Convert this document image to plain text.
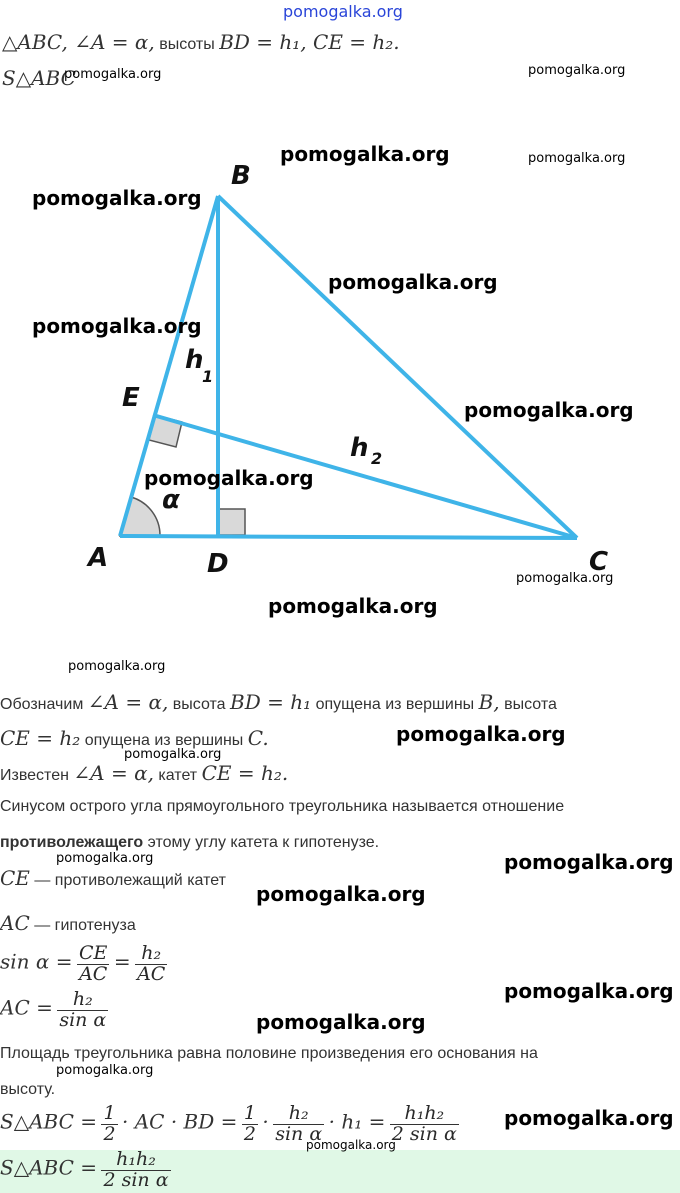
pomogalka.org
△ABC, ∠A = α, высоты BD = h₁, CE = h₂.
S△ABC
B
A	C
D
E
h
1
h 2
α
Обозначим ∠A = α, высота BD = h₁ опущена из вершины B, высота
CE = h₂ опущена из вершины C.
Известен ∠A = α, катет CE = h₂.
Синусом острого угла прямоугольного треугольника называется отношение
противолежащего этому углу катета к гипотенузе.
CE — противолежащий катет
AC — гипотенуза
$\sin \alpha = \frac{CE}{AC} = \frac{\text{h₂}}{AC}$
AC = $\frac{\text{h₂}}{\text{sin α}}$
Площадь треугольника равна половине произведения его основания на
высоту.
S△ABC = $\frac{1}{2}$ · AC · BD = $\frac{1}{2} \cdot \frac{\text{h₂}}{\text{sin α}} \cdot h_1 = \frac{\text{h₁h₂}}{\text{2 sin α}}$
S△ABC = $\frac{\text{h₁h₂}}{\text{2 sin α}}$
pomogalka.org	pomogalka.org
pomogalka.org	pomogalka.org
pomogalka.org
pomogalka.org
pomogalka.org
pomogalka.org
pomogalka.org
pomogalka.org
pomogalka.org
pomogalka.org
pomogalka.org
pomogalka.org
pomogalka.org	pomogalka.org
pomogalka.org
pomogalka.org
pomogalka.org
pomogalka.org
pomogalka.org
pomogalka.org
